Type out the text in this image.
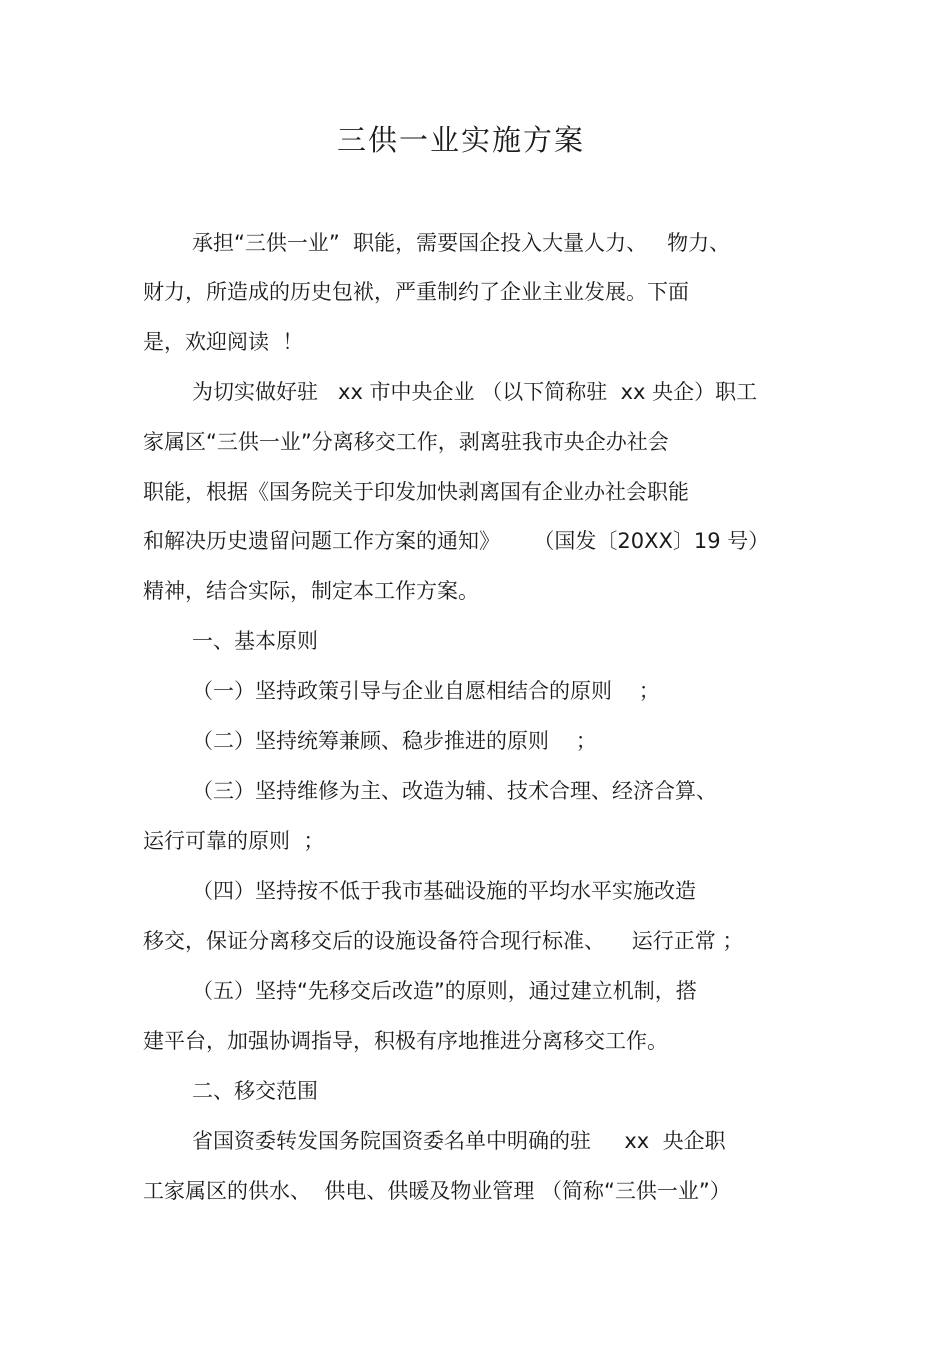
三供一业实施方案
承担“三供一业”  职能，需要国企投入大量人力、   物力、
财力，所造成的历史包袱，严重制约了企业主业发展。下面
是，欢迎阅读  ！
为切实做好驻   xx 市中央企业 （以下简称驻  xx 央企）职工
家属区“三供一业”分离移交工作，剥离驻我市央企办社会
职能，根据《国务院关于印发加快剥离国有企业办社会职能
和解决历史遗留问题工作方案的通知》     （国发〔20XX〕19 号）
精神，结合实际，制定本工作方案。
一、基本原则
（一）坚持政策引导与企业自愿相结合的原则    ；
（二）坚持统筹兼顾、稳步推进的原则    ；
（三）坚持维修为主、改造为辅、技术合理、经济合算、
运行可靠的原则  ；
（四）坚持按不低于我市基础设施的平均水平实施改造
移交，保证分离移交后的设施设备符合现行标准、    运行正常 ；
（五）坚持“先移交后改造”的原则，通过建立机制，搭
建平台，加强协调指导，积极有序地推进分离移交工作。
二、移交范围
省国资委转发国务院国资委名单中明确的驻     xx  央企职
工家属区的供水、  供电、供暖及物业管理 （简称“三供一业”）
